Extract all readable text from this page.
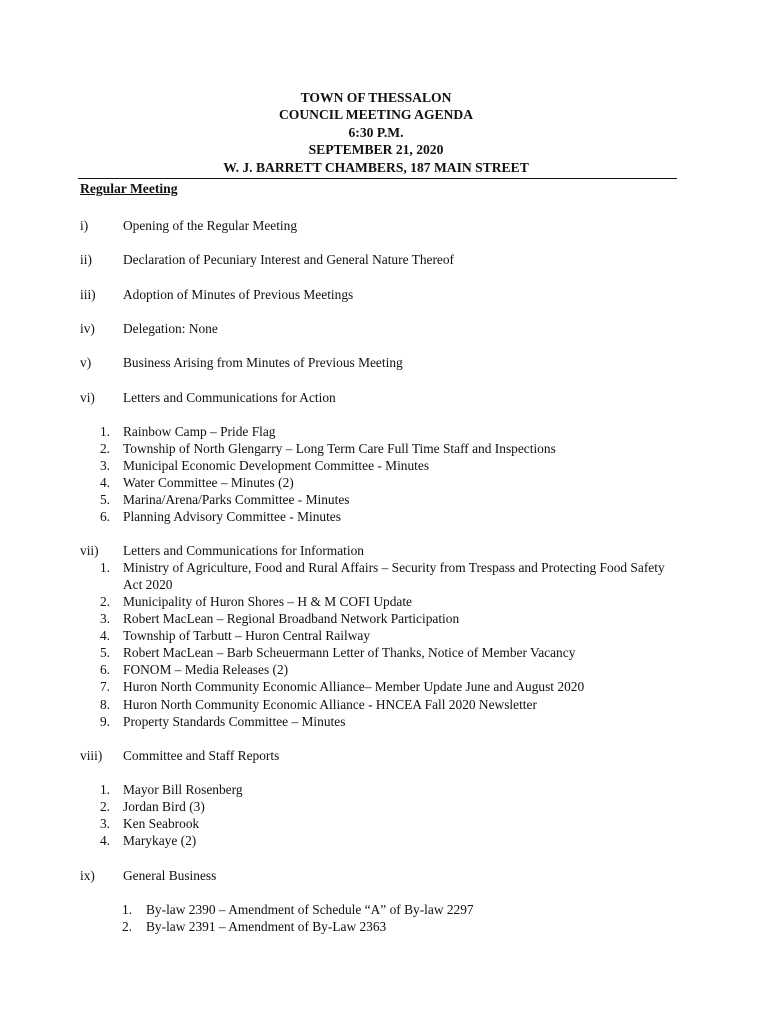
TOWN OF THESSALON
COUNCIL MEETING AGENDA
6:30 P.M.
SEPTEMBER 21, 2020
W. J. BARRETT CHAMBERS, 187 MAIN STREET
Regular Meeting
i)	Opening of the Regular Meeting
ii) Declaration of Pecuniary Interest and General Nature Thereof
iii) Adoption of Minutes of Previous Meetings
iv) Delegation: None
v) Business Arising from Minutes of Previous Meeting
vi) Letters and Communications for Action
1. Rainbow Camp – Pride Flag
2. Township of North Glengarry – Long Term Care Full Time Staff and Inspections
3. Municipal Economic Development Committee - Minutes
4. Water Committee – Minutes (2)
5. Marina/Arena/Parks Committee - Minutes
6. Planning Advisory Committee - Minutes
vii) Letters and Communications for Information
1. Ministry of Agriculture, Food and Rural Affairs – Security from Trespass and Protecting Food Safety Act 2020
2. Municipality of Huron Shores – H & M COFI Update
3. Robert MacLean – Regional Broadband Network Participation
4. Township of Tarbutt – Huron Central Railway
5. Robert MacLean – Barb Scheuermann Letter of Thanks, Notice of Member Vacancy
6. FONOM – Media Releases (2)
7. Huron North Community Economic Alliance– Member Update June and August 2020
8. Huron North Community Economic Alliance - HNCEA Fall 2020 Newsletter
9. Property Standards Committee – Minutes
viii) Committee and Staff Reports
1. Mayor Bill Rosenberg
2. Jordan Bird (3)
3. Ken Seabrook
4. Marykaye (2)
ix) General Business
1. By-law 2390 – Amendment of Schedule “A” of By-law 2297
2. By-law 2391 – Amendment of By-Law 2363
